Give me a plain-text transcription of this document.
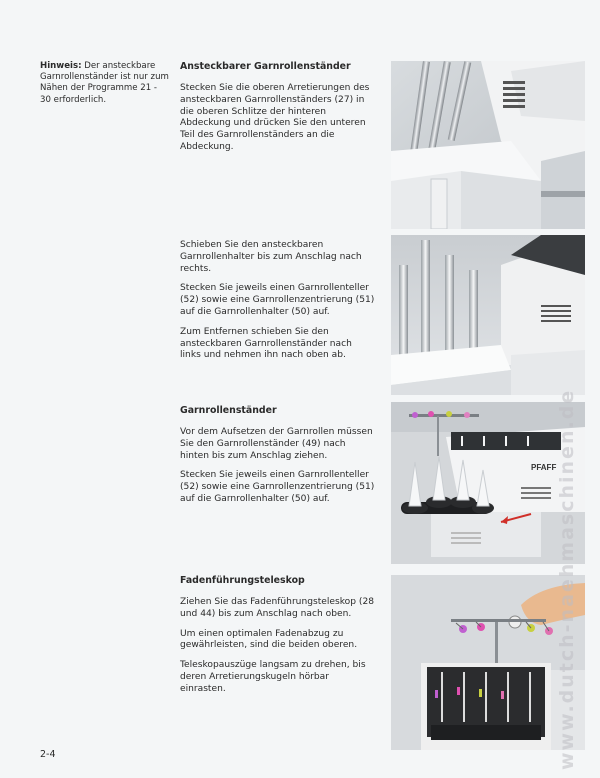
Hinweis: Der ansteckbare Garnrollenständer ist nur zum Nähen der Programme 21 - 30 erforderlich.
Ansteckbarer Garnrollenständer

Stecken Sie die oberen Arretierungen des ansteckbaren Garnrollenständers (27) in die oberen Schlitze der hinteren Abdeckung und drücken Sie den unteren Teil des Garnrollenständers an die Abdeckung.

Schieben Sie den ansteckbaren Garnrollenhalter bis zum Anschlag nach rechts.

Stecken Sie jeweils einen Garnrollenteller (52) sowie eine Garnrollenzentrierung (51) auf die Garnrollenhalter (50) auf.

Zum Entfernen schieben Sie den ansteckbaren Garnrollenständer nach links und nehmen ihn nach oben ab.

Garnrollenständer

Vor dem Aufsetzen der Garnrollen müssen Sie den Garnrollenständer (49) nach hinten bis zum Anschlag ziehen.

Stecken Sie jeweils einen Garnrollenteller (52) sowie eine Garnrollenzentrierung (51) auf die Garnrollenhalter (50) auf.

Fadenführungsteleskop

Ziehen Sie das Fadenführungsteleskop (28 und 44) bis zum Anschlag nach oben.

Um einen optimalen Fadenabzug zu gewährleisten, sind die beiden oberen.

Teleskopauszüge langsam zu drehen, bis deren Arretierungskugeln hörbar einrasten.

PFAFF
2-4	www.dutch-naehmaschinen.de
